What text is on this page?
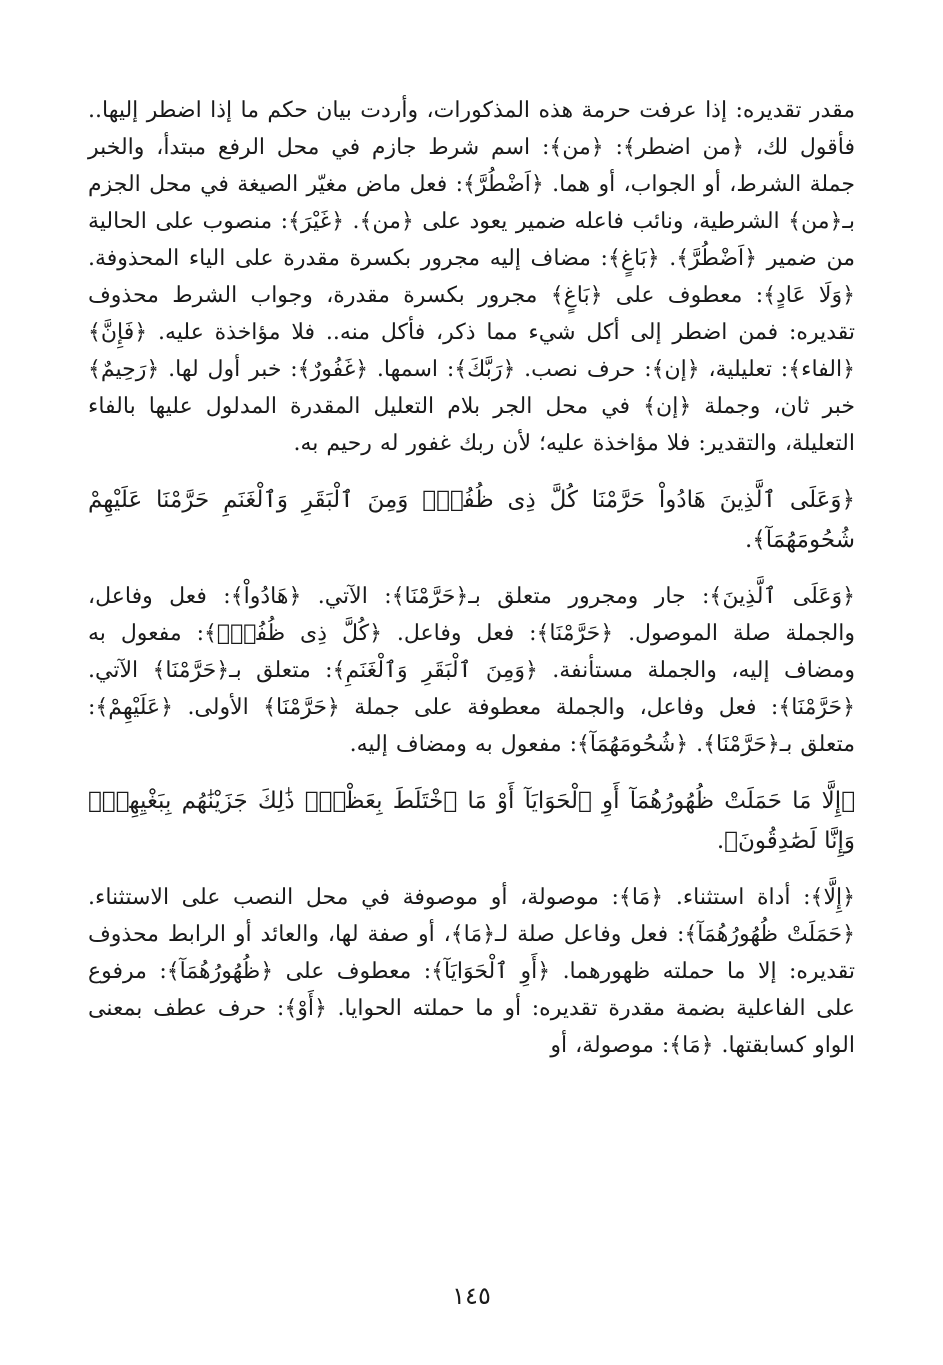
مقدر تقديره: إذا عرفت حرمة هذه المذكورات، وأردت بيان حكم ما إذا اضطر إليها.. فأقول لك، ﴿من اضطر﴾: ﴿من﴾: اسم شرط جازم في محل الرفع مبتدأ، والخبر جملة الشرط، أو الجواب، أو هما. ﴿اَضْطُرَّ﴾: فعل ماض مغيّر الصيغة في محل الجزم بـ﴿من﴾ الشرطية، ونائب فاعله ضمير يعود على ﴿من﴾. ﴿غَيْرَ﴾: منصوب على الحالية من ضمير ﴿اَضْطُرَّ﴾. ﴿بَاغٍ﴾: مضاف إليه مجرور بكسرة مقدرة على الياء المحذوفة. ﴿وَلَا عَادٍ﴾: معطوف على ﴿بَاغٍ﴾ مجرور بكسرة مقدرة، وجواب الشرط محذوف تقديره: فمن اضطر إلى أكل شيء مما ذكر، فأكل منه.. فلا مؤاخذة عليه. ﴿فَإِنَّ﴾ ﴿الفاء﴾: تعليلية، ﴿إن﴾: حرف نصب. ﴿رَبَّكَ﴾: اسمها. ﴿غَفُورٌ﴾: خبر أول لها. ﴿رَحِيمٌ﴾ خبر ثان، وجملة ﴿إن﴾ في محل الجر بلام التعليل المقدرة المدلول عليها بالفاء التعليلة، والتقدير: فلا مؤاخذة عليه؛ لأن ربك غفور له رحيم به.

﴿وَعَلَى ٱلَّذِينَ هَادُواْ حَرَّمْنَا كُلَّ ذِى ظُفُرٍۖ وَمِنَ ٱلْبَقَرِ وَٱلْغَنَمِ حَرَّمْنَا عَلَيْهِمْ شُحُومَهُمَآ﴾.

﴿وَعَلَى ٱلَّذِينَ﴾: جار ومجرور متعلق بـ﴿حَرَّمْنَا﴾: الآتي. ﴿هَادُواْ﴾: فعل وفاعل، والجملة صلة الموصول. ﴿حَرَّمْنَا﴾: فعل وفاعل. ﴿كُلَّ ذِى ظُفُرٍۖ﴾: مفعول به ومضاف إليه، والجملة مستأنفة. ﴿وَمِنَ ٱلْبَقَرِ وَٱلْغَنَمِ﴾: متعلق بـ﴿حَرَّمْنَا﴾ الآتي. ﴿حَرَّمْنَا﴾: فعل وفاعل، والجملة معطوفة على جملة ﴿حَرَّمْنَا﴾ الأولى. ﴿عَلَيْهِمْ﴾: متعلق بـ﴿حَرَّمْنَا﴾. ﴿شُحُومَهُمَآ﴾: مفعول به ومضاف إليه.

﴿إِلَّا مَا حَمَلَتْ ظُهُورُهُمَآ أَوِ ٱلْحَوَايَآ أَوْ مَا ٱخْتَلَطَ بِعَظْمٍۚ ذَٰلِكَ جَزَيْنَٰهُم بِبَغْيِهِمْۖ وَإِنَّا لَصَٰدِقُونَ﴾.

﴿إِلَّا﴾: أداة استثناء. ﴿مَا﴾: موصولة، أو موصوفة في محل النصب على الاستثناء. ﴿حَمَلَتْ ظُهُورُهُمَآ﴾: فعل وفاعل صلة لـ﴿مَا﴾، أو صفة لها، والعائد أو الرابط محذوف تقديره: إلا ما حملته ظهورهما. ﴿أَوِ ٱلْحَوَايَآ﴾: معطوف على ﴿ظُهُورُهُمَآ﴾: مرفوع على الفاعلية بضمة مقدرة تقديره: أو ما حملته الحوايا. ﴿أَوْ﴾: حرف عطف بمعنى الواو كسابقتها. ﴿مَا﴾: موصولة، أو

١٤٥
